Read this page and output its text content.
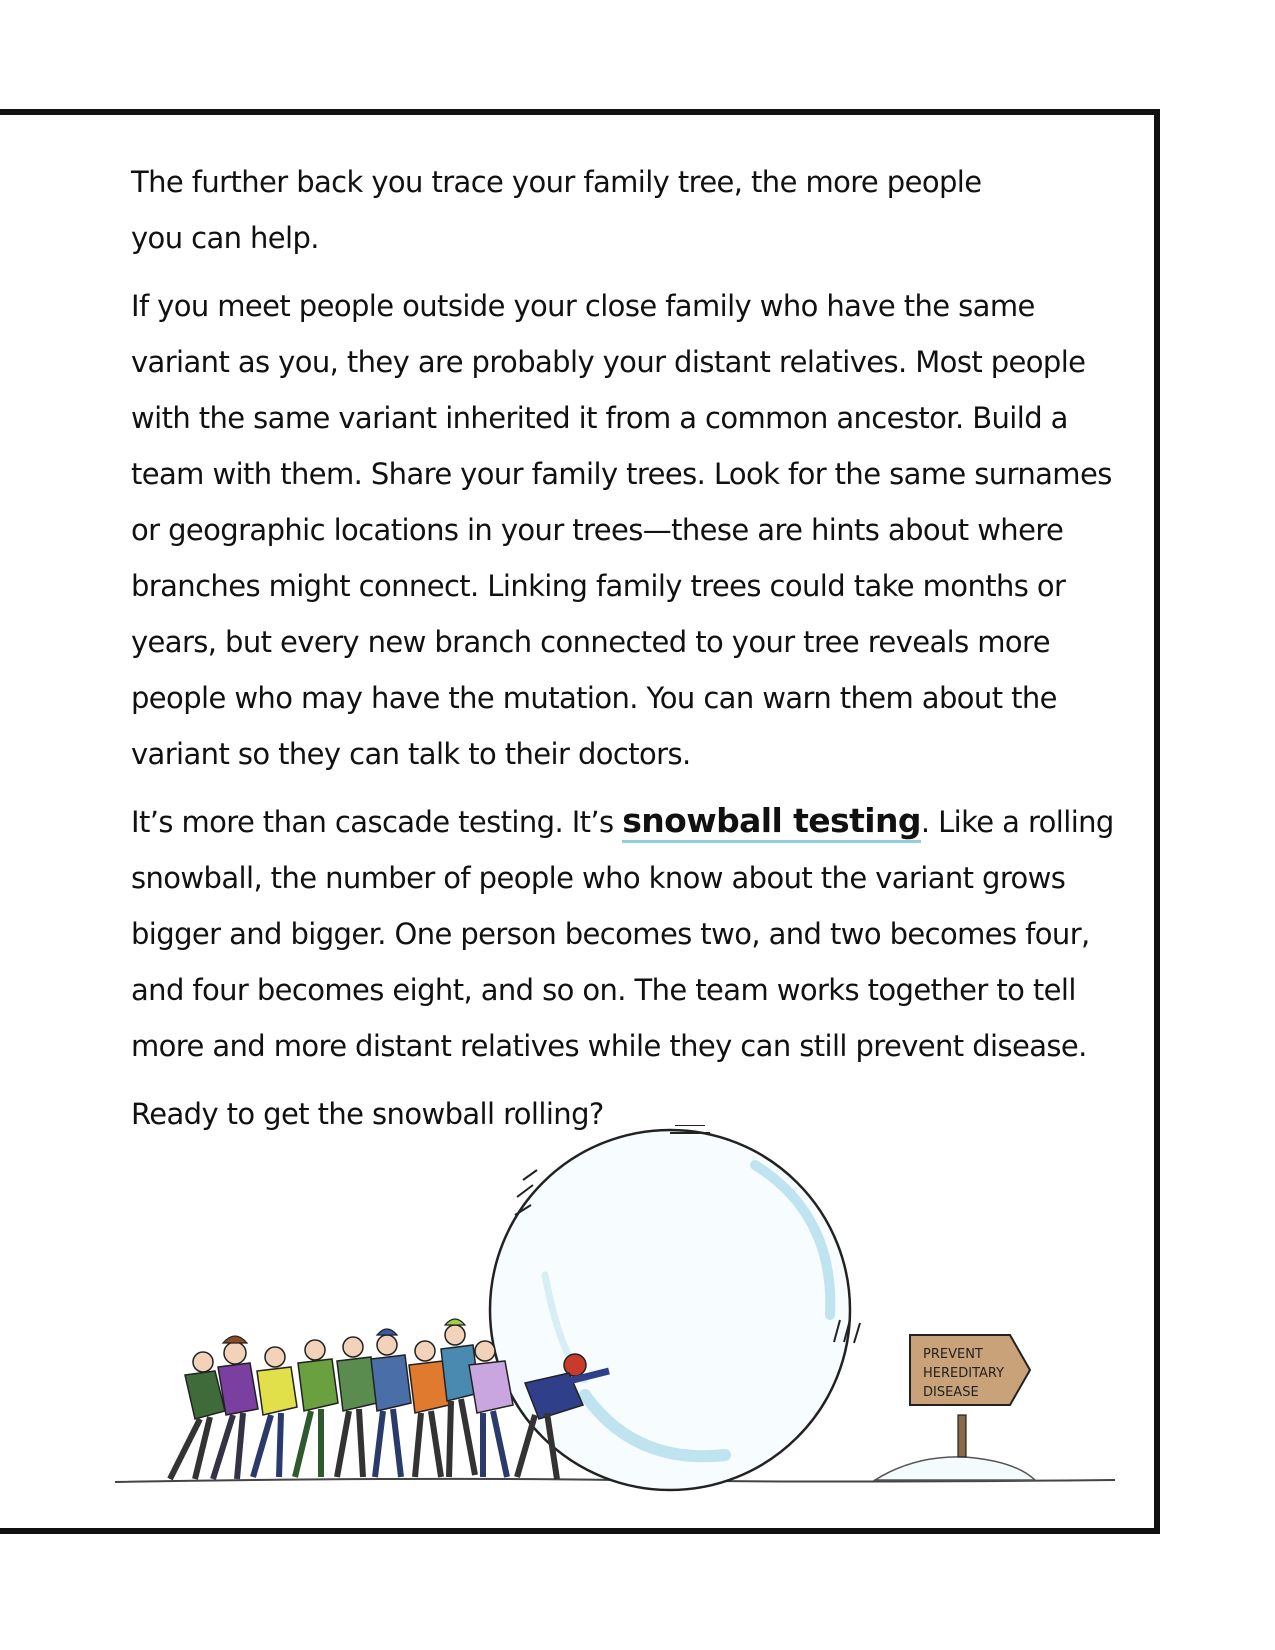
The further back you trace your family tree, the more people you can help.

If you meet people outside your close family who have the same variant as you, they are probably your distant relatives. Most people with the same variant inherited it from a common ancestor. Build a team with them. Share your family trees. Look for the same surnames or geographic locations in your trees—these are hints about where branches might connect. Linking family trees could take months or years, but every new branch connected to your tree reveals more people who may have the mutation. You can warn them about the variant so they can talk to their doctors.

It’s more than cascade testing. It’s snowball testing. Like a rolling snowball, the number of people who know about the variant grows bigger and bigger. One person becomes two, and two becomes four, and four becomes eight, and so on. The team works together to tell more and more distant relatives while they can still prevent disease.

Ready to get the snowball rolling?

PREVENT
HEREDITARY
DISEASE
